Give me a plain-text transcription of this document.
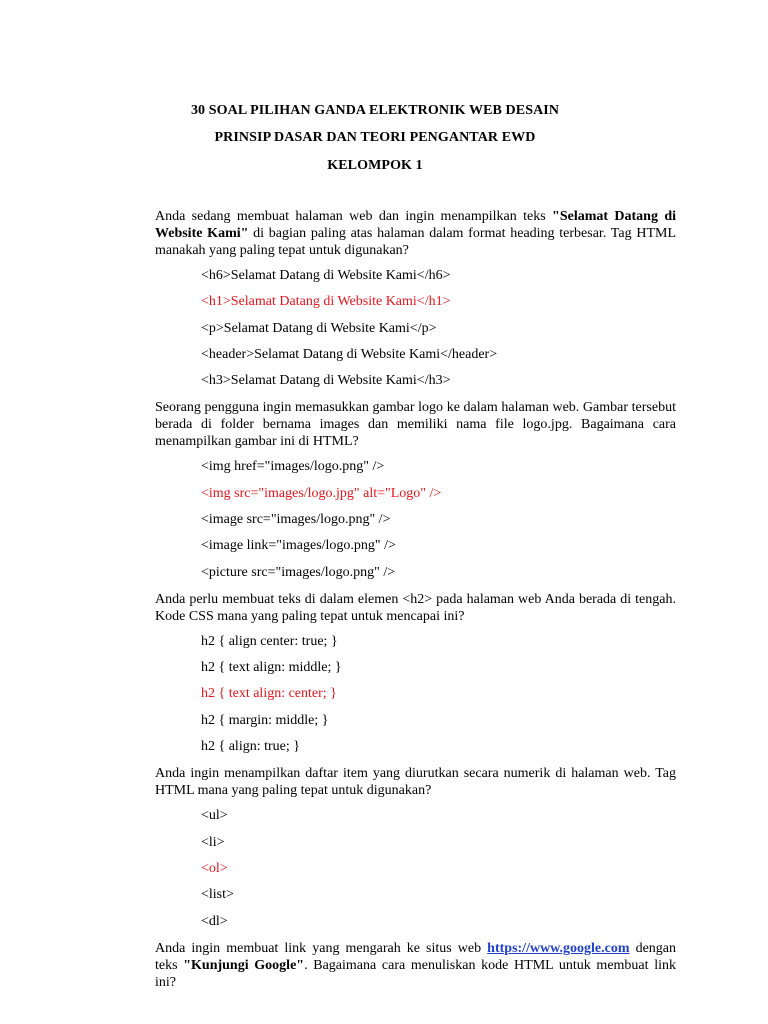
30 SOAL PILIHAN GANDA ELEKTRONIK WEB DESAIN
PRINSIP DASAR DAN TEORI PENGANTAR EWD
KELOMPOK 1

Anda sedang membuat halaman web dan ingin menampilkan teks "Selamat Datang di Website Kami" di bagian paling atas halaman dalam format heading terbesar. Tag HTML manakah yang paling tepat untuk digunakan?

<h6>Selamat Datang di Website Kami</h6>
<h1>Selamat Datang di Website Kami</h1>
<p>Selamat Datang di Website Kami</p>
<header>Selamat Datang di Website Kami</header>
<h3>Selamat Datang di Website Kami</h3>

Seorang pengguna ingin memasukkan gambar logo ke dalam halaman web. Gambar tersebut berada di folder bernama images dan memiliki nama file logo.jpg. Bagaimana cara menampilkan gambar ini di HTML?

<img href="images/logo.png" />
<img src="images/logo.jpg" alt="Logo" />
<image src="images/logo.png" />
<image link="images/logo.png" />
<picture src="images/logo.png" />

Anda perlu membuat teks di dalam elemen <h2> pada halaman web Anda berada di tengah. Kode CSS mana yang paling tepat untuk mencapai ini?

h2 { align center: true; }
h2 { text align: middle; }
h2 { text align: center; }
h2 { margin: middle; }
h2 { align: true; }

Anda ingin menampilkan daftar item yang diurutkan secara numerik di halaman web. Tag HTML mana yang paling tepat untuk digunakan?

<ul>
<li>
<ol>
<list>
<dl>

Anda ingin membuat link yang mengarah ke situs web https://www.google.com dengan teks "Kunjungi Google". Bagaimana cara menuliskan kode HTML untuk membuat link ini?
